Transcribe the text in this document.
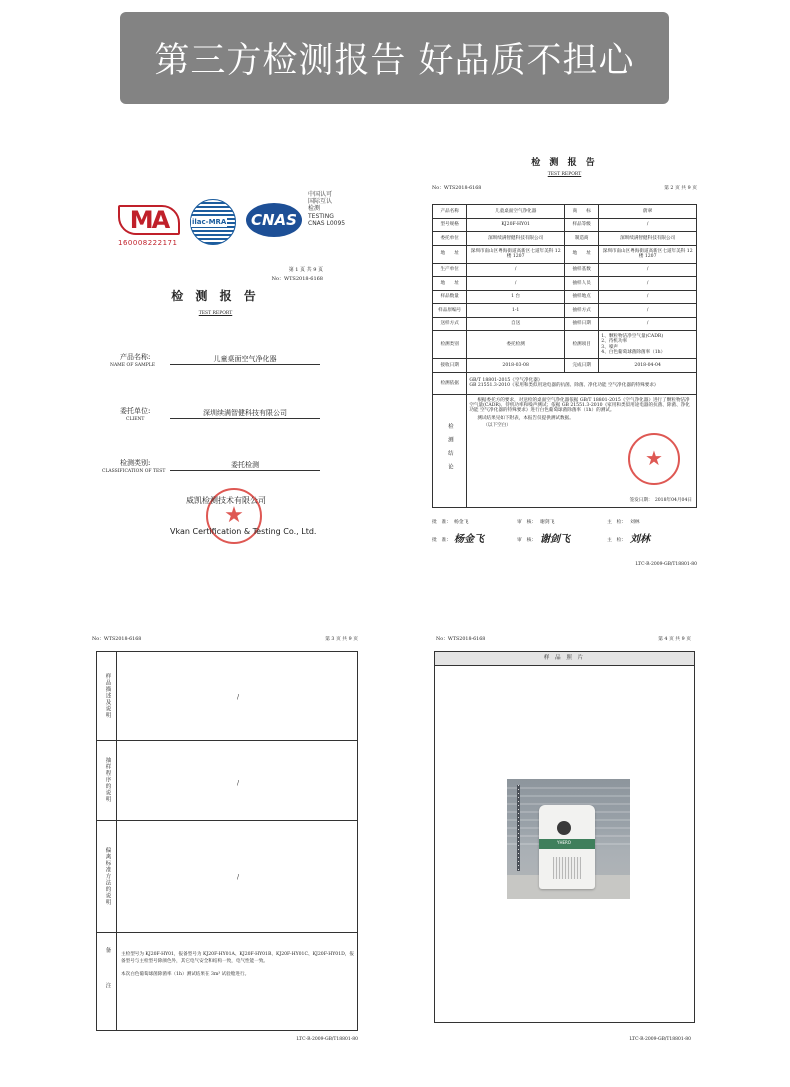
第三方检测报告 好品质不担心
MA
160008222171
ilac-MRA	CNAS
中国认可
国际互认
检测
TESTING
CNAS L0095
第 1 页 共 9 页
No：WTS2018-6168
检 测 报 告
TEST REPORT
产品名称:
NAME OF SAMPLE
儿童桌面空气净化器
委托单位:
CLIENT
深圳续满智健科技有限公司
检测类别:
CLASSIFICATION OF TEST
委托检测
★
威凯检测技术有限公司
Vkan Certification & Testing Co., Ltd.
检 测 报 告
TEST REPORT
No：WTS2018-6168	第 2 页 共 9 页
产品名称	儿童桌面空气净化器	商　　标	蔚翠
型号规格	KJ20F-HY01	样品等级	/
委托单位	深圳续满智健科技有限公司	制造商	深圳续满智健科技有限公司
地　　址	深圳市南山区粤海街道高新区七道年美科 12 楼 1207	地　　址	深圳市南山区粤海街道高新区七道年美科 12 楼 1207
生产单位	/	抽样基数	/
地　　址	/	抽样人员	/
样品数量	1 台	抽样地点	/
样品原编号	1-1	抽样方式	/
送样方式	自送	抽样日期	/
检测类别	委托检测	检测项目	1、颗粒物洁净空气量(CADR)
2、待机功率
3、噪声
4、白色葡萄球菌除菌率（1h）
接收日期	2018-03-08	完成日期	2018-04-04
检测依据	GB/T 18801-2015《空气净化器》
GB 21551.3-2010《家用和类似用途电器的抗菌、除菌、净化功能 空气净化器的特殊要求》

检测结论	根据委托方的要求，对送检的桌面空气净化器依据 GB/T 18801-2015《空气净化器》进行了颗粒物洁净空气量(CADR)、待机功率和噪声测试；依据 GB 21551.3-2010《家用和类似用途电器的抗菌、除菌、净化功能 空气净化器的特殊要求》进行白色葡萄球菌除菌率（1h）的测试。
测试结果见如下附表，本报告仅提供测试数据。
（以下空白）
★
签发日期：　2018年04月04日
批　准： 杨金飞	审　核： 谢剑飞	主　检： 刘林
批　准： 杨金飞	审　核： 谢剑飞	主　检： 刘林
LTC-R-2009-GB/T18801-80
No：WTS2018-6168	第 3 页 共 9 页
样品描述及说明	/
抽样程序的说明	/
偏离标准方法的说明	/
备注 主检型号为 KJ20F-HY01，报备型号为 KJ20F-HY01A、KJ20F-HY01B、KJ20F-HY01C、KJ20F-HY01D，报备型号与主检型号除颜色外，其它电气安全和结构一致，电气性能一致。
本次白色葡萄球菌除菌率（1h）测试结果在 3m³ 试验舱进行。
LTC-R-2009-GB/T18801-80
No：WTS2018-6168	第 4 页 共 9 页
样 品 照 片
YHERO
LTC-R-2009-GB/T18801-80
